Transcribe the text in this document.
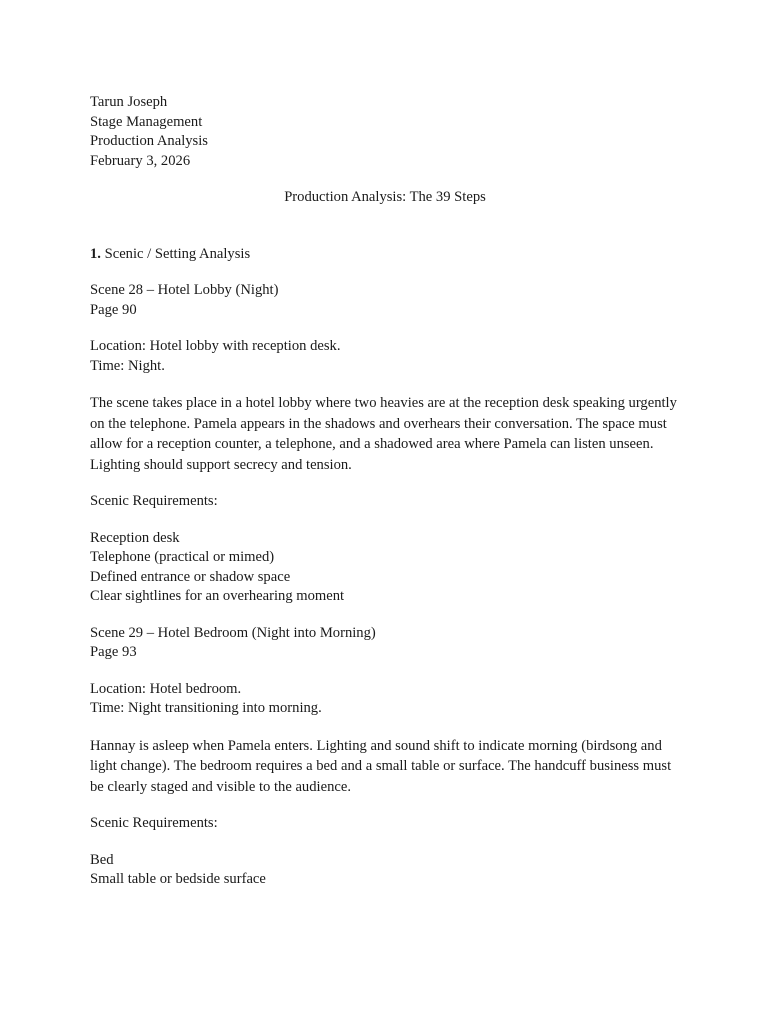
Tarun Joseph
Stage Management
Production Analysis
February 3, 2026
Production Analysis: The 39 Steps
1. Scenic / Setting Analysis
Scene 28 – Hotel Lobby (Night)
Page 90
Location: Hotel lobby with reception desk.
Time: Night.

The scene takes place in a hotel lobby where two heavies are at the reception desk speaking urgently on the telephone. Pamela appears in the shadows and overhears their conversation. The space must allow for a reception counter, a telephone, and a shadowed area where Pamela can listen unseen. Lighting should support secrecy and tension.

Scenic Requirements:
Reception desk
Telephone (practical or mimed)
Defined entrance or shadow space
Clear sightlines for an overhearing moment
Scene 29 – Hotel Bedroom (Night into Morning)
Page 93
Location: Hotel bedroom.
Time: Night transitioning into morning.

Hannay is asleep when Pamela enters. Lighting and sound shift to indicate morning (birdsong and light change). The bedroom requires a bed and a small table or surface. The handcuff business must be clearly staged and visible to the audience.

Scenic Requirements:
Bed
Small table or bedside surface
